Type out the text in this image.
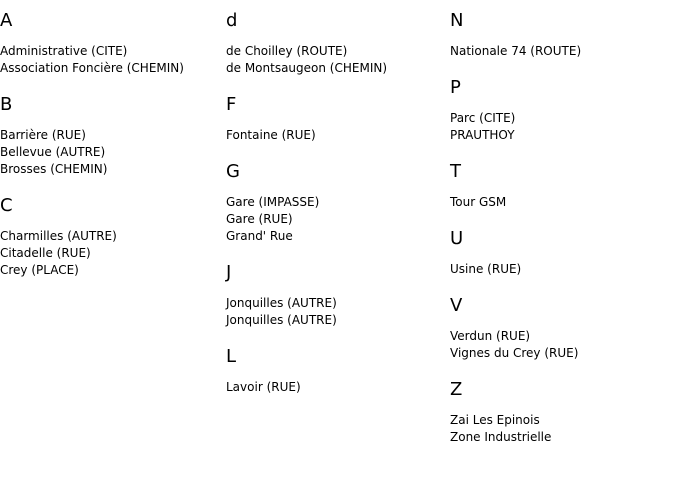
A
Administrative (CITE)
Association Foncière (CHEMIN)
B
Barrière (RUE)
Bellevue (AUTRE)
Brosses (CHEMIN)
C
Charmilles (AUTRE)
Citadelle (RUE)
Crey (PLACE)
d
de Choilley (ROUTE)
de Montsaugeon (CHEMIN)
F
Fontaine (RUE)
G
Gare (IMPASSE)
Gare (RUE)
Grand' Rue
J
Jonquilles (AUTRE)
Jonquilles (AUTRE)
L
Lavoir (RUE)
N
Nationale 74 (ROUTE)
P
Parc (CITE)
PRAUTHOY
T
Tour GSM
U
Usine (RUE)
V
Verdun (RUE)
Vignes du Crey (RUE)
Z
Zai Les Epinois
Zone Industrielle
